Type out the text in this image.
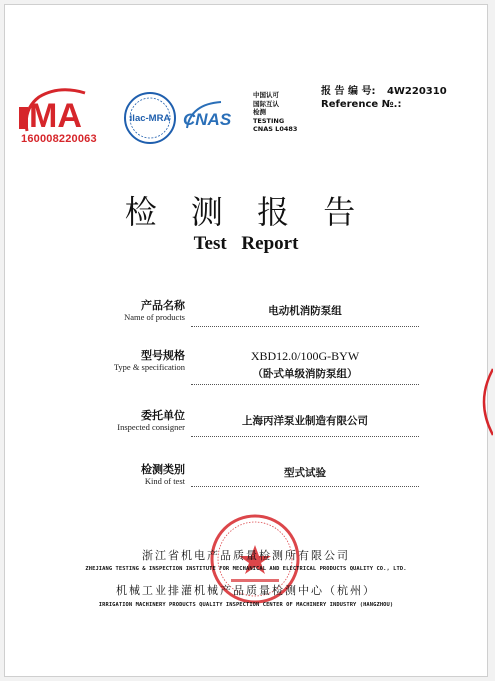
MA
160008220063
ilac-MRA CNAS
中国认可
国际互认
检测
TESTING
CNAS L0483
报 告 编 号: 4W220310
Reference №.:
检 测 报 告
Test Report
产品名称
Name of products	电动机消防泵组
型号规格
Type & specification
XBD12.0/100G-BYW
（卧式单级消防泵组）
委托单位
Inspected consigner	上海丙洋泵业制造有限公司
检测类别
Kind of test
型式试验
浙江省机电产品质量检测所有限公司
ZHEJIANG TESTING & INSPECTION INSTITUTE FOR MECHANICAL AND ELECTRICAL PRODUCTS QUALITY CO., LTD.
机械工业排灌机械产品质量检测中心（杭州）
IRRIGATION MACHINERY PRODUCTS QUALITY INSPECTION CENTER OF MACHINERY INDUSTRY (HANGZHOU)
